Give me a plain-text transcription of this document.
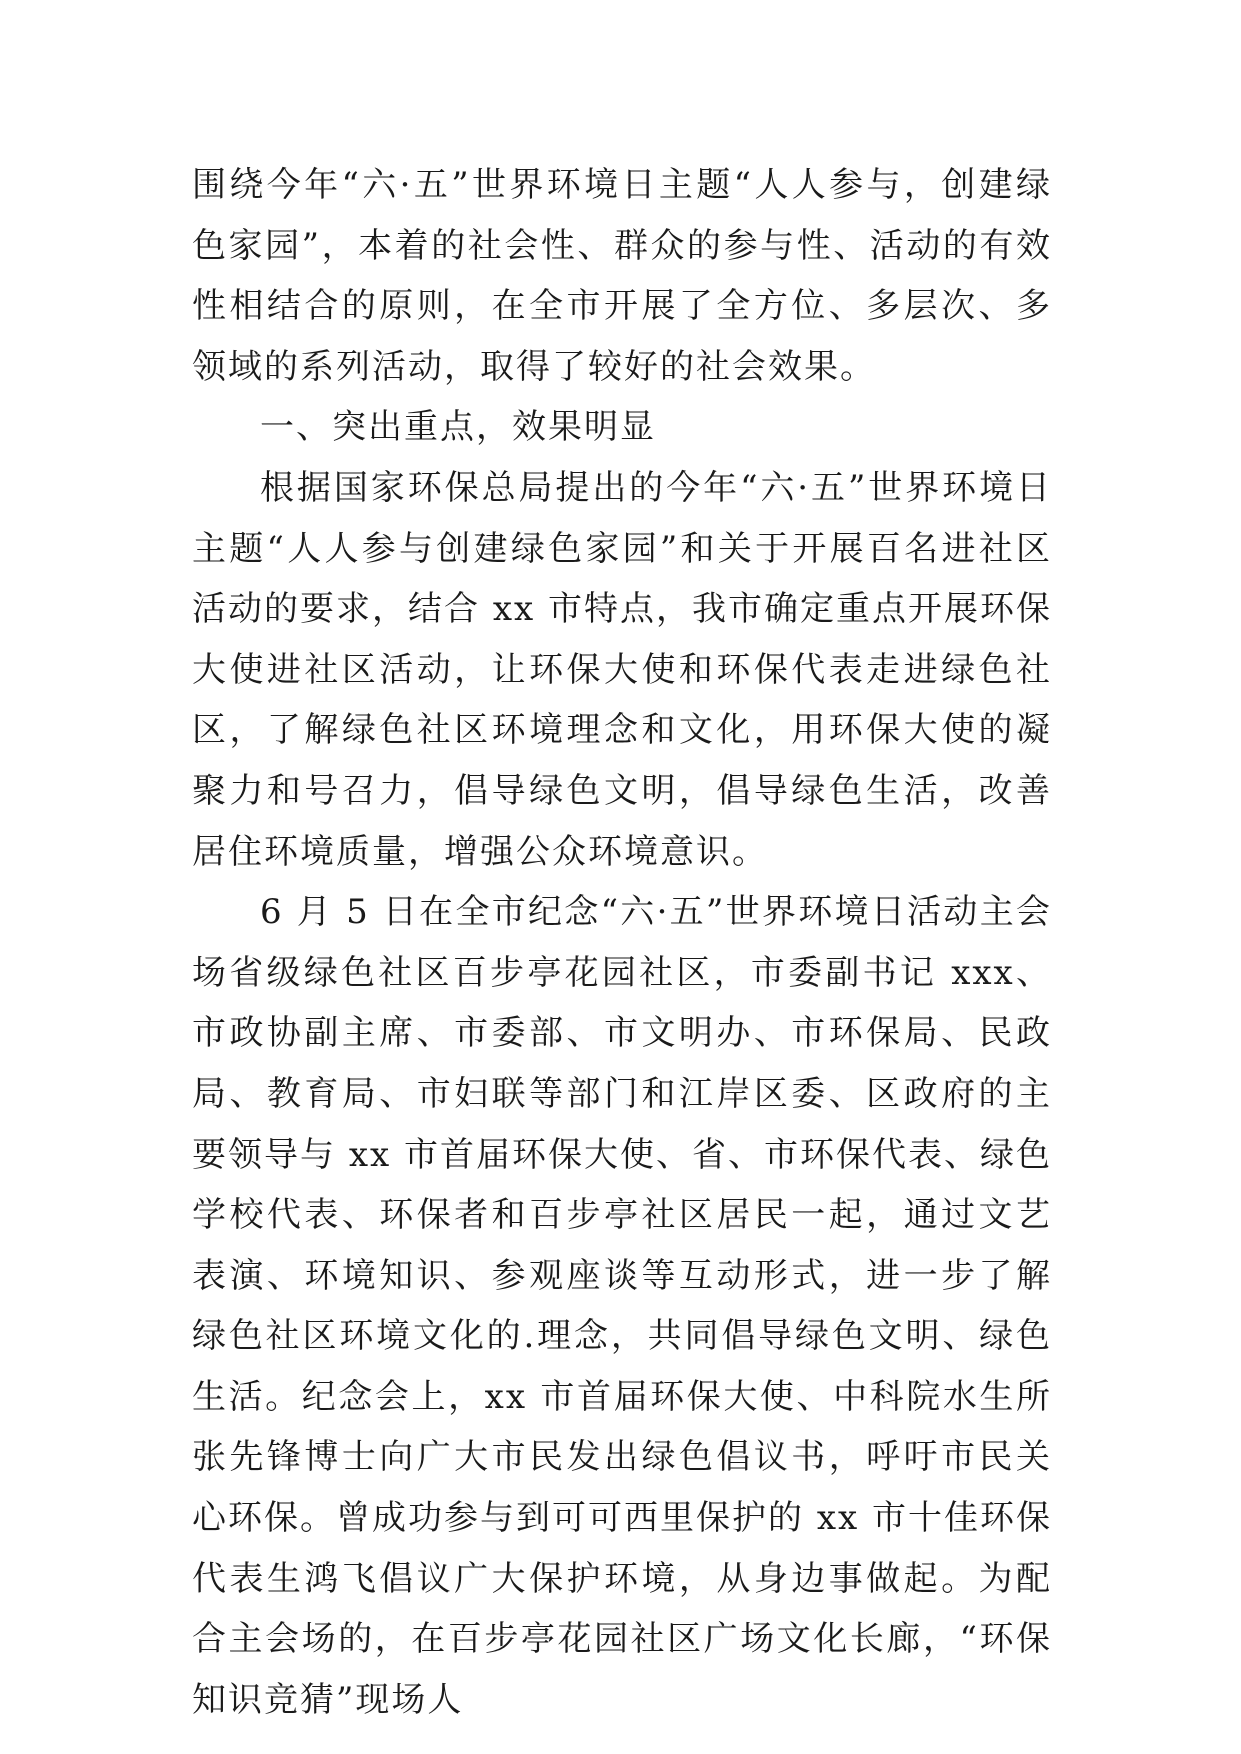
围绕今年“六·五”世界环境日主题“人人参与，创建绿色家园”，本着的社会性、群众的参与性、活动的有效性相结合的原则，在全市开展了全方位、多层次、多领域的系列活动，取得了较好的社会效果。

一、突出重点，效果明显

根据国家环保总局提出的今年“六·五”世界环境日主题“人人参与创建绿色家园”和关于开展百名进社区活动的要求，结合 xx 市特点，我市确定重点开展环保大使进社区活动，让环保大使和环保代表走进绿色社区，了解绿色社区环境理念和文化，用环保大使的凝聚力和号召力，倡导绿色文明，倡导绿色生活，改善居住环境质量，增强公众环境意识。

6 月 5 日在全市纪念“六·五”世界环境日活动主会场省级绿色社区百步亭花园社区，市委副书记 xxx、市政协副主席、市委部、市文明办、市环保局、民政局、教育局、市妇联等部门和江岸区委、区政府的主要领导与 xx 市首届环保大使、省、市环保代表、绿色学校代表、环保者和百步亭社区居民一起，通过文艺表演、环境知识、参观座谈等互动形式，进一步了解绿色社区环境文化的.理念，共同倡导绿色文明、绿色生活。纪念会上，xx 市首届环保大使、中科院水生所张先锋博士向广大市民发出绿色倡议书，呼吁市民关心环保。曾成功参与到可可西里保护的 xx 市十佳环保代表生鸿飞倡议广大保护环境，从身边事做起。为配合主会场的，在百步亭花园社区广场文化长廊，“环保知识竞猜”现场人
